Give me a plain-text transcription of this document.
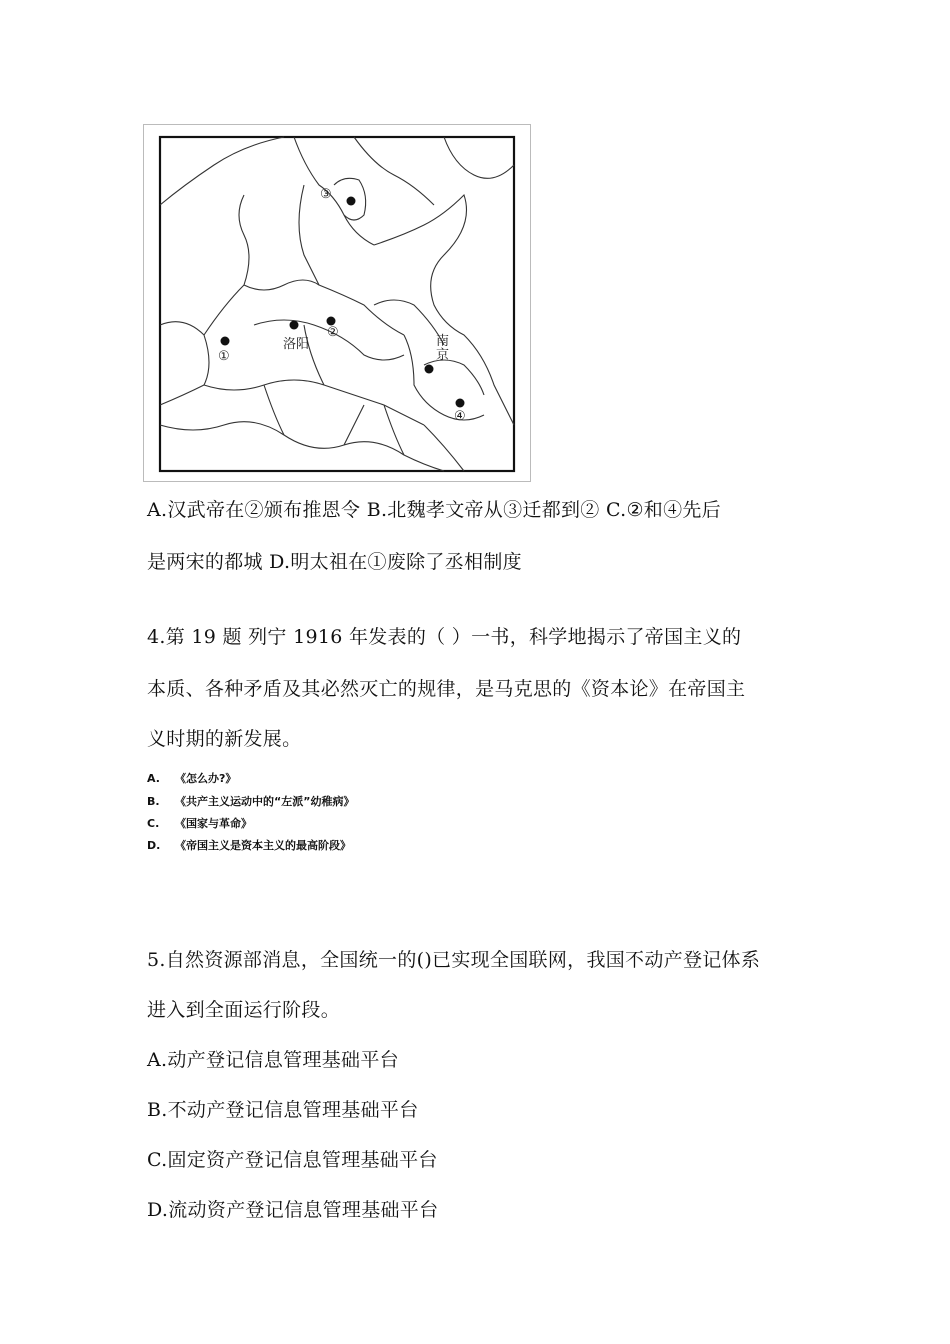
③
①
洛阳
②
南京
④
A.汉武帝在②颁布推恩令 B.北魏孝文帝从③迁都到② C.②和④先后
是两宋的都城 D.明太祖在①废除了丞相制度
4.第 19 题 列宁 1916 年发表的（ ）一书，科学地揭示了帝国主义的
本质、各种矛盾及其必然灭亡的规律，是马克思的《资本论》在帝国主
义时期的新发展。
A. 《怎么办?》
B. 《共产主义运动中的“左派”幼稚病》
C. 《国家与革命》
D. 《帝国主义是资本主义的最高阶段》
5.自然资源部消息，全国统一的()已实现全国联网，我国不动产登记体系
进入到全面运行阶段。
A.动产登记信息管理基础平台
B.不动产登记信息管理基础平台
C.固定资产登记信息管理基础平台
D.流动资产登记信息管理基础平台
